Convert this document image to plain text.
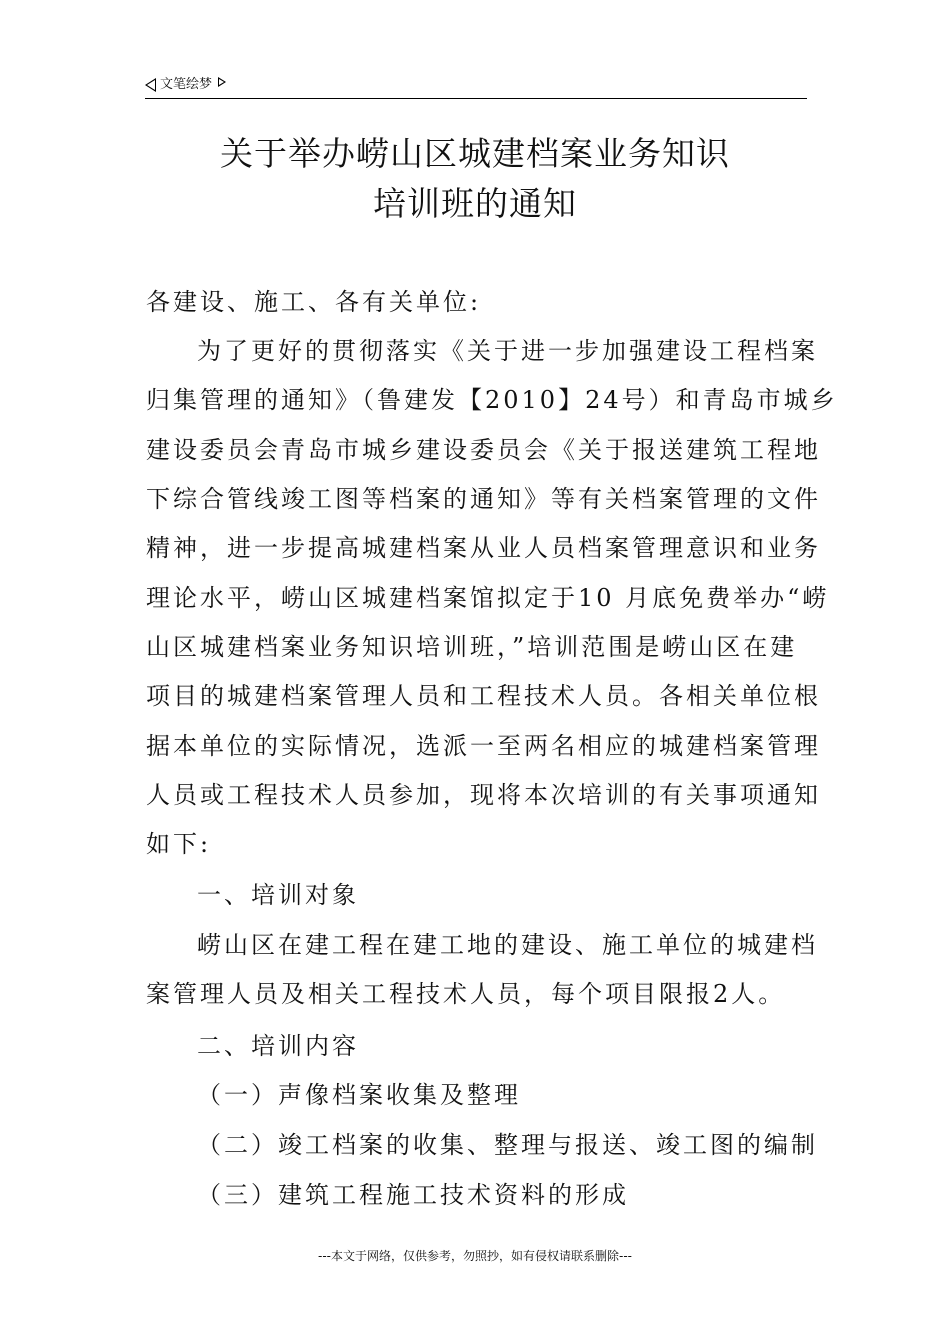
文笔绘梦
关于举办崂山区城建档案业务知识
培训班的通知
各建设、施工、各有关单位:
为了更好的贯彻落实《关于进一步加强建设工程档案
归集管理的通知》（鲁建发【2010】24号）和青岛市城乡
建设委员会青岛市城乡建设委员会《关于报送建筑工程地
下综合管线竣工图等档案的通知》等有关档案管理的文件
精神，进一步提高城建档案从业人员档案管理意识和业务
理论水平，崂山区城建档案馆拟定于10 月底免费举办“崂
山区城建档案业务知识培训班，”培训范围是崂山区在建
项目的城建档案管理人员和工程技术人员。各相关单位根
据本单位的实际情况，选派一至两名相应的城建档案管理
人员或工程技术人员参加，现将本次培训的有关事项通知
如下:
一、培训对象
崂山区在建工程在建工地的建设、施工单位的城建档
案管理人员及相关工程技术人员，每个项目限报2人。
二、培训内容
（一）声像档案收集及整理
（二）竣工档案的收集、整理与报送、竣工图的编制
（三）建筑工程施工技术资料的形成
---本文于网络，仅供参考，勿照抄，如有侵权请联系删除---
